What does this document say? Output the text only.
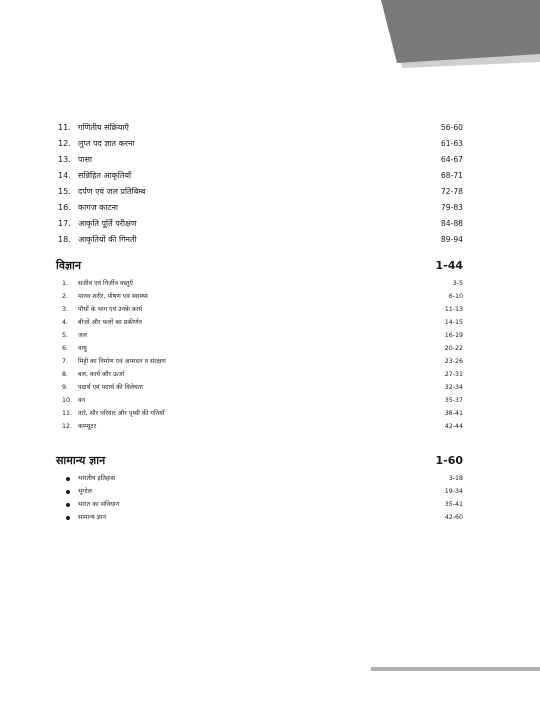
11. गणितीय संक्रियाएँ	56-60
12. लुप्त पद ज्ञात करना	61-63
13. पासा	64-67
14. सन्निहित आकृतियाँ	68-71
15. दर्पण एवं जल प्रतिबिम्ब	72-78
16. कागज काटना	79-83
17. आकृति पूर्ति परीक्षण	84-88
18. आकृतियों की गिनती	89-94
विज्ञान	1-44
1.	सजीव एवं निर्जीव वस्तुएँ	3-5
2.	मानव शरीर, पोषण एवं स्वास्थ्य	6-10
3.	पौधों के भाग एवं उनके कार्य	11-13
4.	बीजों और फलों का प्रकीर्णन	14-15
5.	जल	16-19
6.	वायु	20-22
7.	मिट्टी का निर्माण एवं अपरदन व संरक्षण	23-26
8.	बल, कार्य और ऊर्जा	27-31
9.	पदार्थ एवं पदार्थ की विलेयता	32-34
10. वन	35-37
11. तारे, सौर परिवार और पृथ्वी की गतियाँ	38-41
12. कम्प्यूटर	42-44
सामान्य ज्ञान	1-60
भारतीय इतिहास	3-18
भूगोल	19-34
भारत का संविधान	35-41
सामान्य ज्ञान	42-60
